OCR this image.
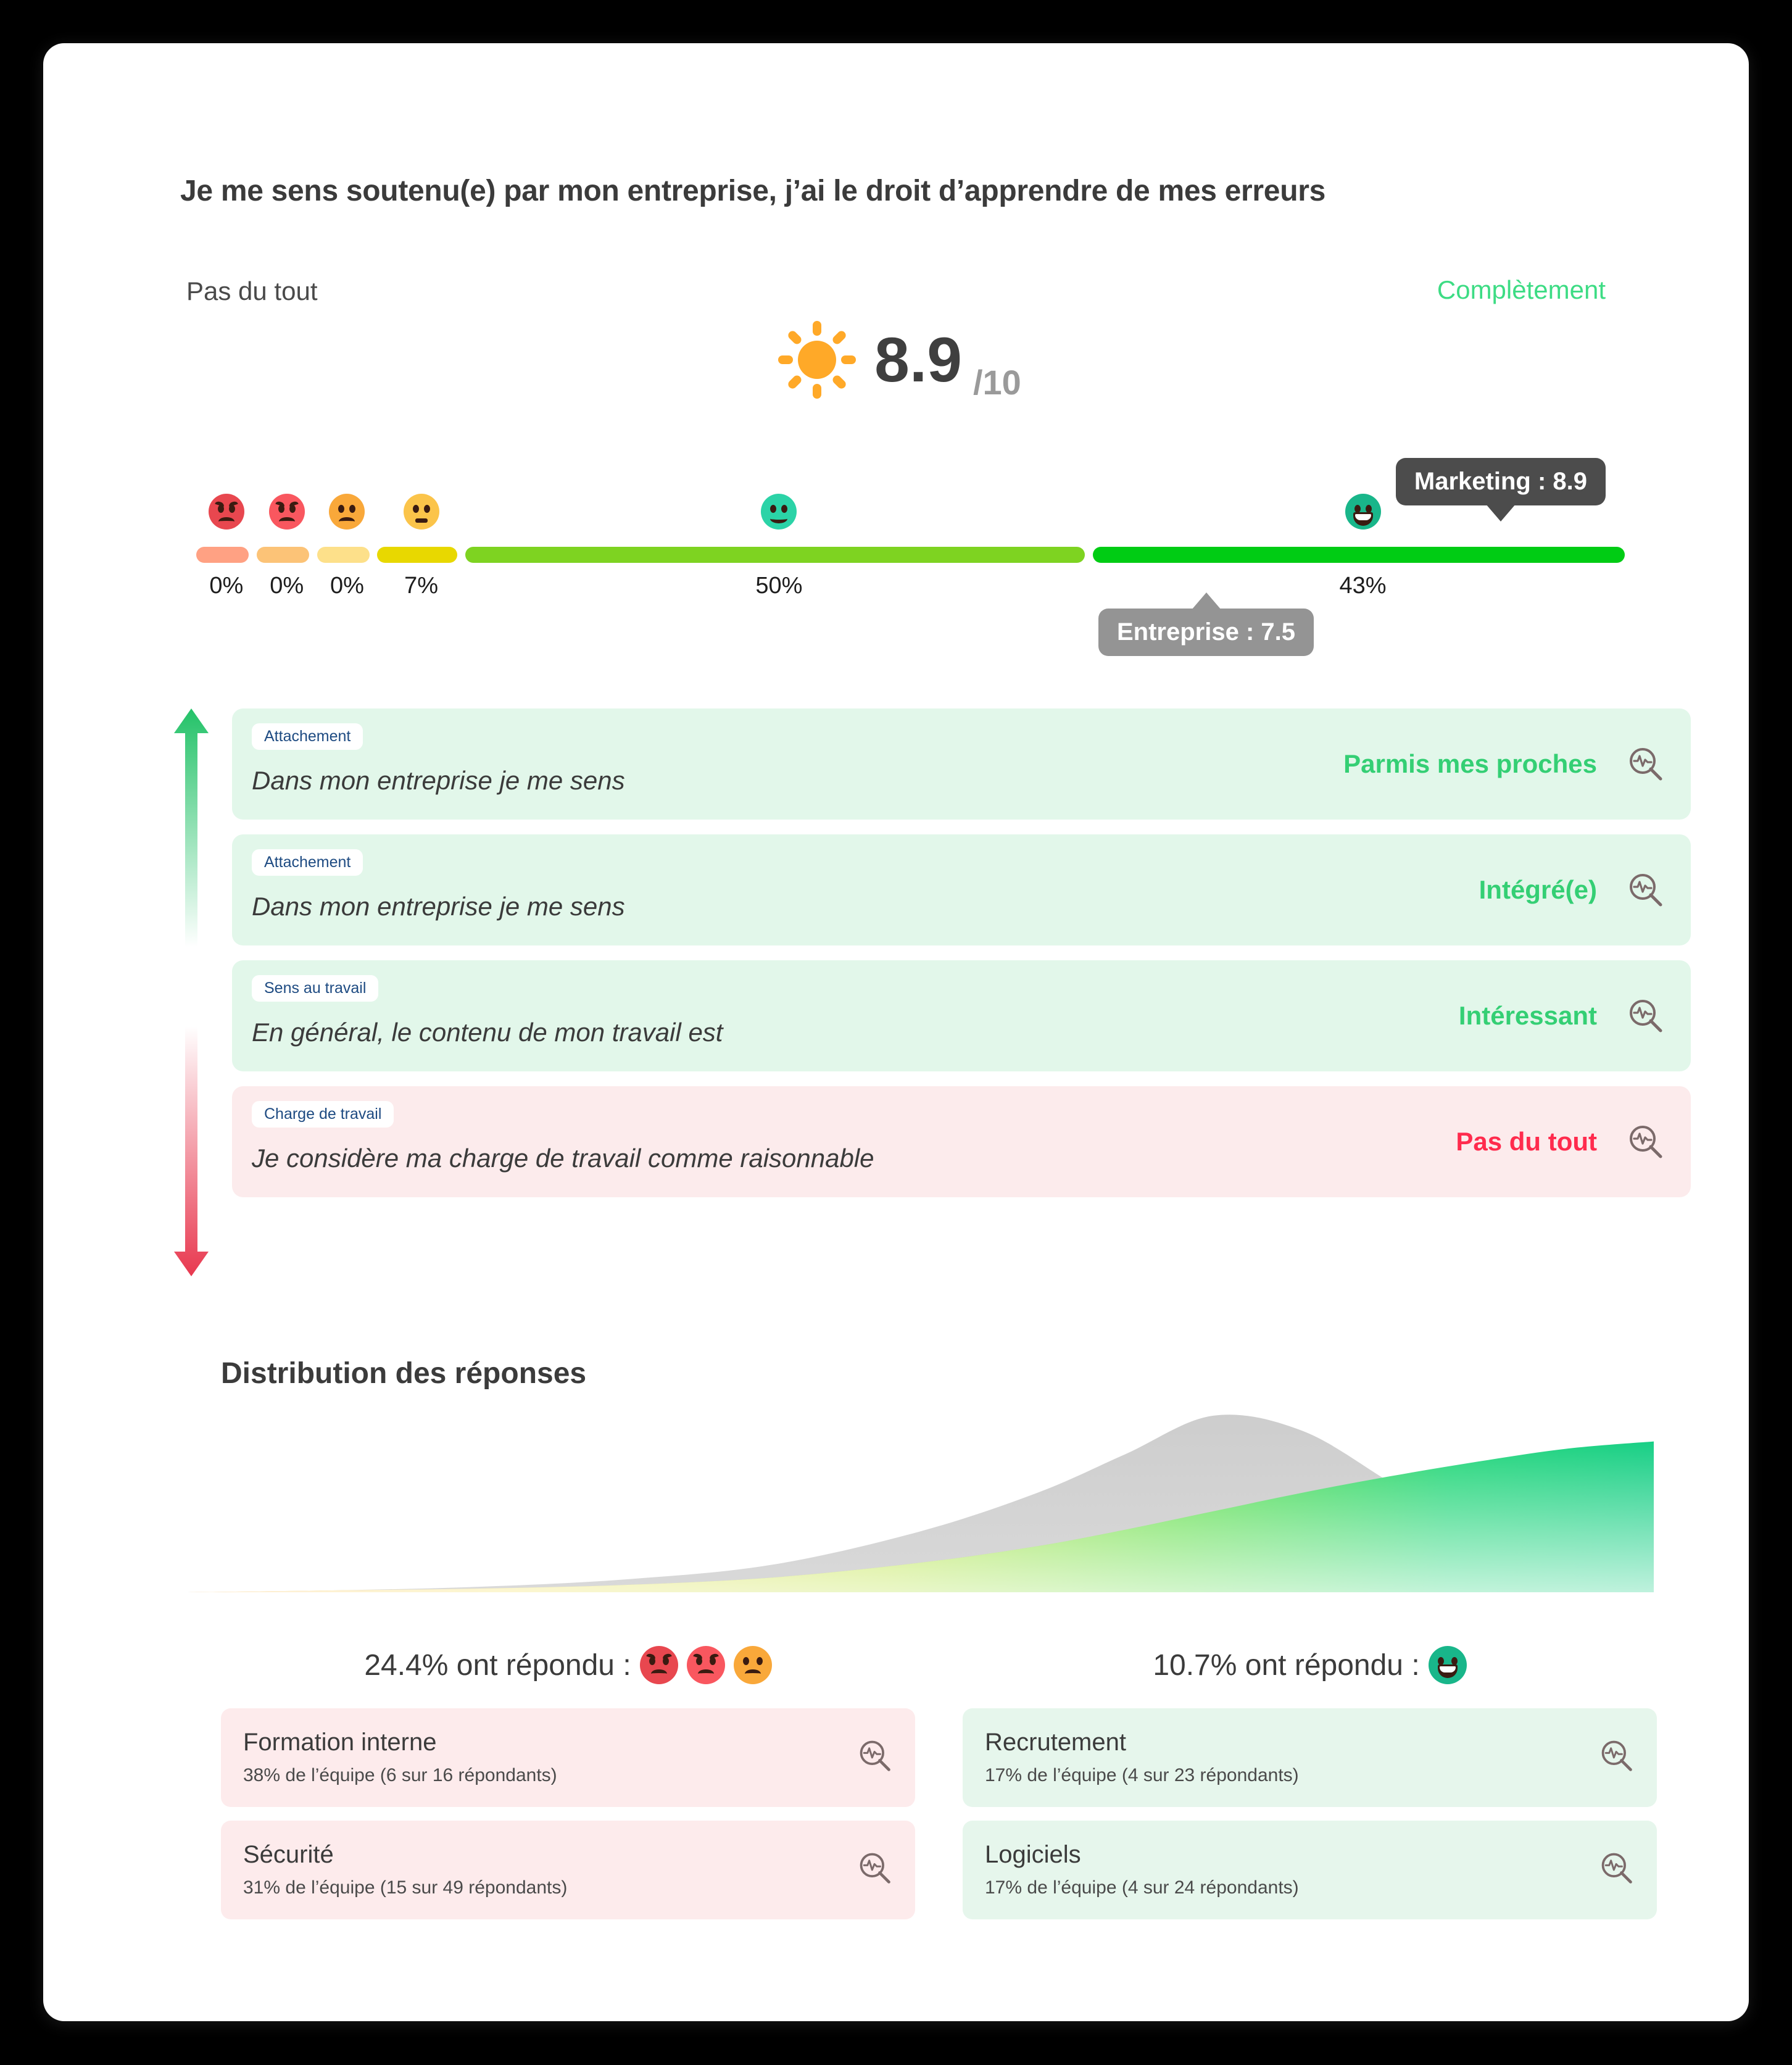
Je me sens soutenu(e) par mon entreprise, j’ai le droit d’apprendre de mes erreurs
Pas du tout	Complètement
8.9 /10
Marketing : 8.9
Entreprise : 7.5
0% 0% 0% 7%	50%	43%
Attachement
Dans mon entreprise je me sens
Parmis mes proches
Attachement
Dans mon entreprise je me sens
Intégré(e)
Sens au travail
En général, le contenu de mon travail est
Intéressant
Charge de travail
Je considère ma charge de travail comme raisonnable
Pas du tout
Distribution des réponses
24.4% ont répondu :
Formation interne
38% de l’équipe (6 sur 16 répondants)
Sécurité
31% de l’équipe (15 sur 49 répondants)
10.7% ont répondu :
Recrutement
17% de l’équipe (4 sur 23 répondants)
Logiciels
17% de l’équipe (4 sur 24 répondants)
